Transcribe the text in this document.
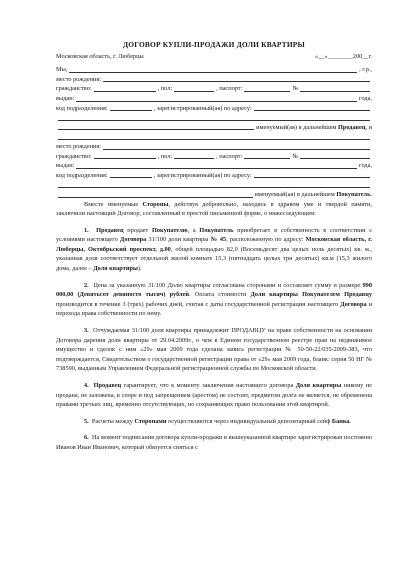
ДОГОВОР КУПЛИ-ПРОДАЖИ ДОЛИ КВАРТИРЫ
Московская область, г. Люберцы	«__»________200__г.
Мы,	, г.р.,
место рождения:
гражданство:	, пол:	, паспорт:	№
выдан:	года,
код подразделения:	, зарегистрированный(ая) по адресу:
именуемый(ая) в дальнейшем
Продавец , и
место рождения:
гражданство:	, пол:	, паспорт:	№
выдан:	года,
код подразделения:	, зарегистрированный(ая) по адресу:
именуемый(ая) в дальнейшем
Покупатель .

Вместе именуемые Стороны, действуя добровольно, находясь в здравом уме и твердой памяти, заключили настоящий Договор, составленный в простой письменной форме, о нижеследующем:

1. Продавец продает Покупателю, а Покупатель приобретает в собственность в соответствии с условиями настоящего Договора 31/100 доли квартиры № 45, расположенную по адресу: Московская область, г. Люберцы, Октябрьский проспект, д.00, общей площадью 82,0 (Восемьдесят два целых ноль десятых) кв. м., указанная доля соответствует отдельной жилой комнате 15,3 (пятнадцать целых три десятых) кв.м (15,3 жилого дома, далее – Доля квартиры).

2. Цена за указанную 31/100 Долю квартиры согласована сторонами и составляет сумму в размере 990 000,00 (Девятьсот девяносто тысяч) рублей. Оплата стоимости Доли квартиры Покупателем Продавцу производится в течение 3 (трех) рабочих дней, считая с даты государственной регистрации настоящего Договора и перехода права собственности по нему.

3. Отчуждаемая 31/100 доля квартиры принадлежит ПРОДАВЦУ на праве собственности на основании Договора дарения доли квартиры от 29.04.2009г., о чем в Едином государственном реестре прав на недвижимое имущество и сделок с ним «29» мая 2009 года сделана запись регистрации № 50-50-22/035/2009-383, что подтверждается, Свидетельством о государственной регистрации права от «29» мая 2009 года, бланк: серия 50 НГ № 738590, выданным Управлением Федеральной регистрационной службы по Московской области.

4. Продавец гарантирует, что к моменту заключения настоящего договора Доля квартиры никому не продана, не заложена, в споре и под запрещением (арестом) не состоит, предметом долга не является, не обременена правами третьих лиц, временно отсутствующих, но сохраняющих право пользования этой квартирой.

5. Расчеты между Сторонами осуществляются через индивидуальный депозитарный сейф Банка.

6. На момент подписания договора купли-продажи в вышеуказанной квартире зарегистрирован постоянно Иванов Иван Иванович, который обязуется сняться с
